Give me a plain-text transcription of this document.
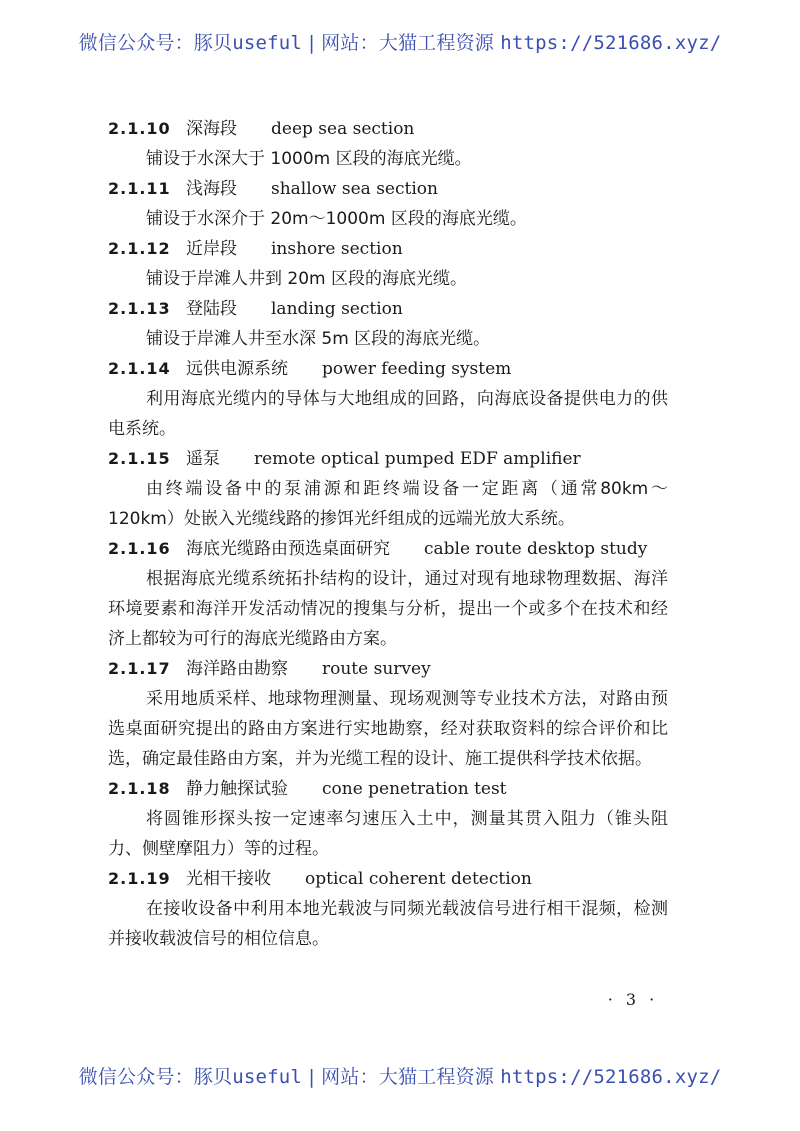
微信公众号：豚贝useful | 网站：大猫工程资源 https://521686.xyz/
2.1.10 深海段 deep sea section

铺设于水深大于 1000m 区段的海底光缆。

2.1.11 浅海段 shallow sea section

铺设于水深介于 20m～1000m 区段的海底光缆。

2.1.12 近岸段 inshore section

铺设于岸滩人井到 20m 区段的海底光缆。

2.1.13 登陆段 landing section

铺设于岸滩人井至水深 5m 区段的海底光缆。

2.1.14 远供电源系统 power feeding system

利用海底光缆内的导体与大地组成的回路，向海底设备提供电力的供电系统。

2.1.15 遥泵 remote optical pumped EDF amplifier

由终端设备中的泵浦源和距终端设备一定距离（通常80km～120km）处嵌入光缆线路的掺饵光纤组成的远端光放大系统。

2.1.16 海底光缆路由预选桌面研究 cable route desktop study

根据海底光缆系统拓扑结构的设计，通过对现有地球物理数据、海洋环境要素和海洋开发活动情况的搜集与分析，提出一个或多个在技术和经济上都较为可行的海底光缆路由方案。

2.1.17 海洋路由勘察 route survey

采用地质采样、地球物理测量、现场观测等专业技术方法，对路由预选桌面研究提出的路由方案进行实地勘察，经对获取资料的综合评价和比选，确定最佳路由方案，并为光缆工程的设计、施工提供科学技术依据。

2.1.18 静力触探试验 cone penetration test

将圆锥形探头按一定速率匀速压入土中，测量其贯入阻力（锥头阻力、侧壁摩阻力）等的过程。

2.1.19 光相干接收 optical coherent detection

在接收设备中利用本地光载波与同频光载波信号进行相干混频，检测并接收载波信号的相位信息。

· 3 ·
微信公众号：豚贝useful | 网站：大猫工程资源 https://521686.xyz/
